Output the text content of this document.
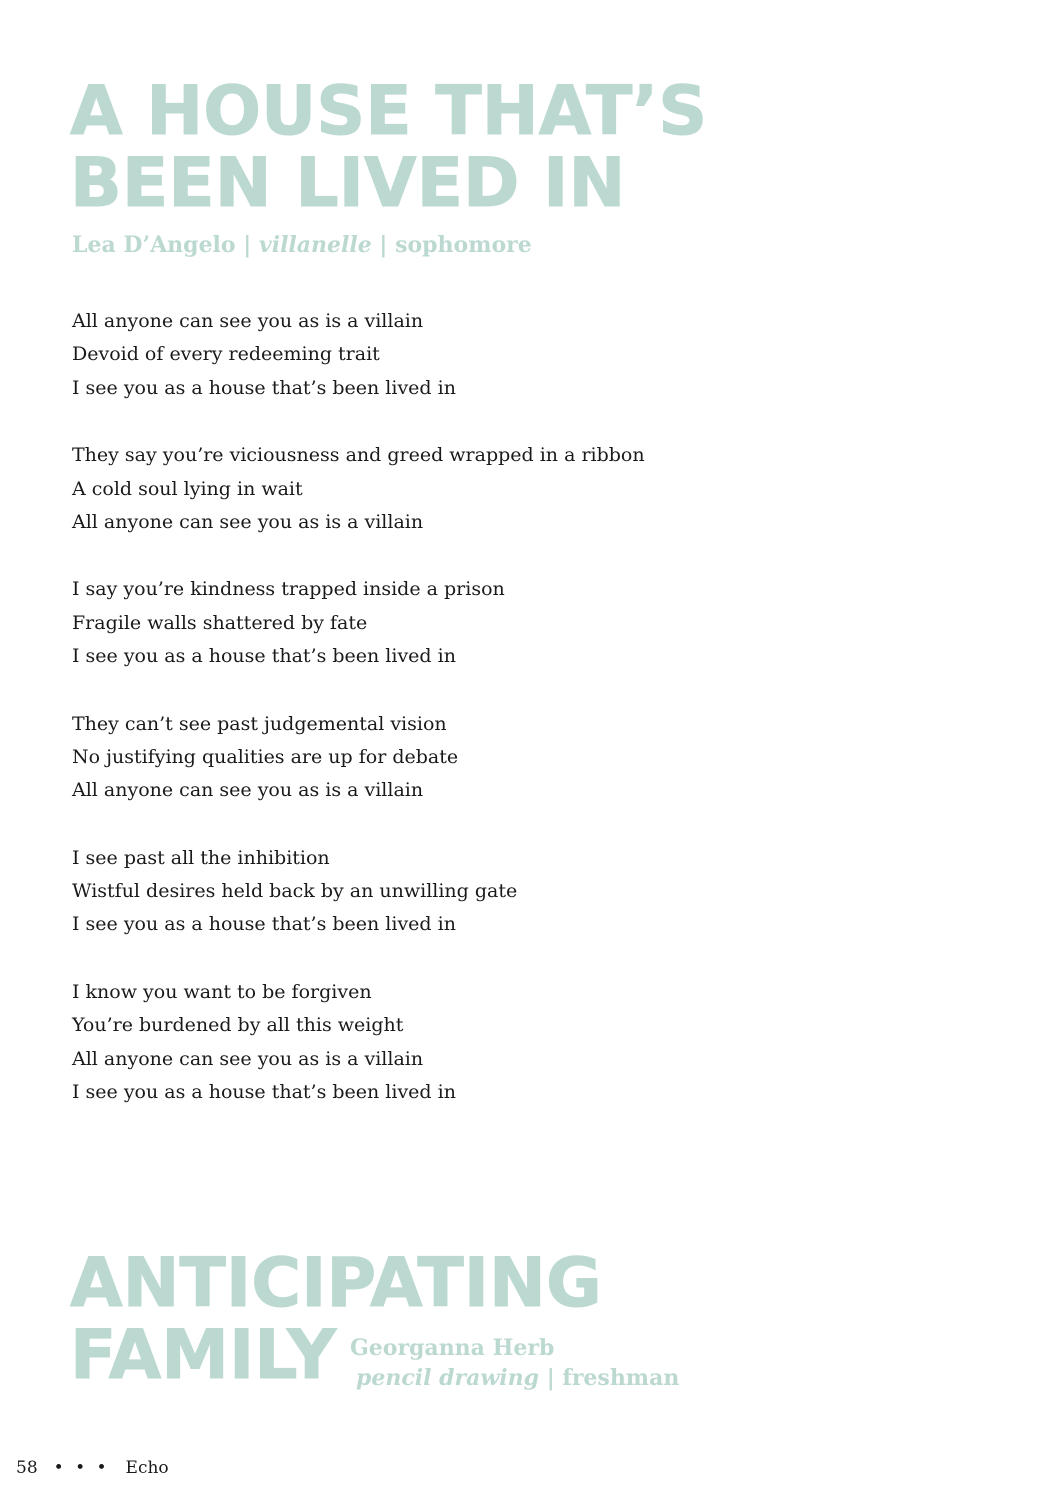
A HOUSE THAT’S
BEEN LIVED IN
Lea D’Angelo | villanelle | sophomore
All anyone can see you as is a villain
Devoid of every redeeming trait
I see you as a house that’s been lived in
They say you’re viciousness and greed wrapped in a ribbon
A cold soul lying in wait
All anyone can see you as is a villain
I say you’re kindness trapped inside a prison
Fragile walls shattered by fate
I see you as a house that’s been lived in
They can’t see past judgemental vision
No justifying qualities are up for debate
All anyone can see you as is a villain
I see past all the inhibition
Wistful desires held back by an unwilling gate
I see you as a house that’s been lived in
I know you want to be forgiven
You’re burdened by all this weight
All anyone can see you as is a villain
I see you as a house that’s been lived in
ANTICIPATING
FAMILY Georganna Herb
pencil drawing | freshman
58 • • • Echo
